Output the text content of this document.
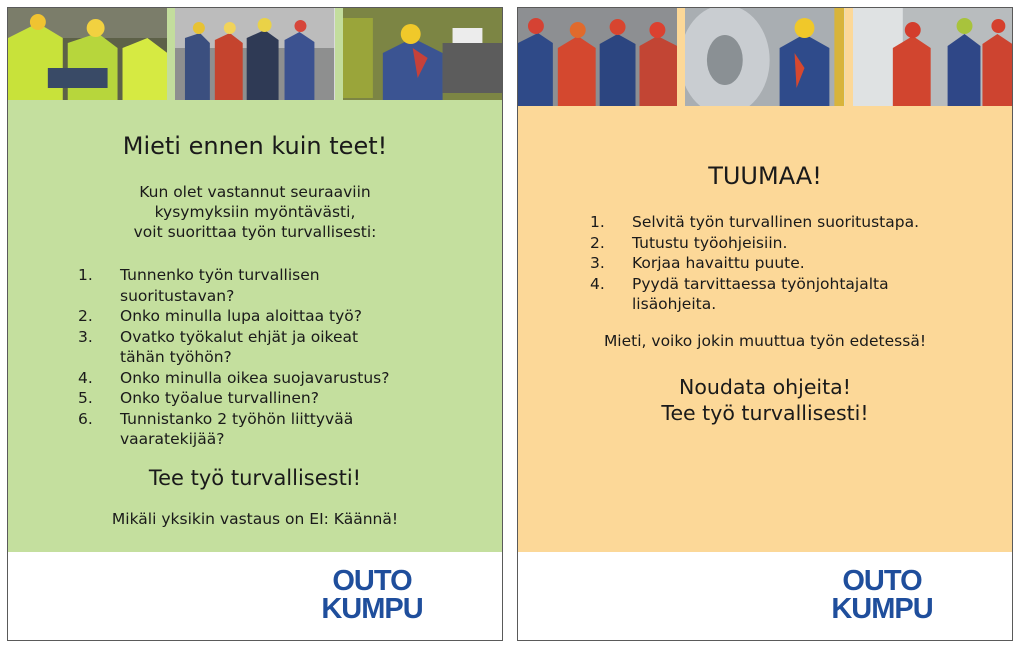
Mieti ennen kuin teet!
Kun olet vastannut seuraaviin
kysymyksiin myöntävästi,
voit suorittaa työn turvallisesti:
1. Tunnenko työn turvallisen
suoritustavan?
2. Onko minulla lupa aloittaa työ?
3. Ovatko työkalut ehjät ja oikeat
tähän työhön?
4. Onko minulla oikea suojavarustus?
5. Onko työalue turvallinen?
6. Tunnistanko 2 työhön liittyvää
vaaratekijää?
Tee työ turvallisesti!
Mikäli yksikin vastaus on EI: Käännä!
OUTO
KUMPU
TUUMAA!
1. Selvitä työn turvallinen suoritustapa.
2. Tutustu työohjeisiin.
3. Korjaa havaittu puute.
4. Pyydä tarvittaessa työnjohtajalta
lisäohjeita.
Mieti, voiko jokin muuttua työn edetessä!
Noudata ohjeita!
Tee työ turvallisesti!
OUTO
KUMPU
